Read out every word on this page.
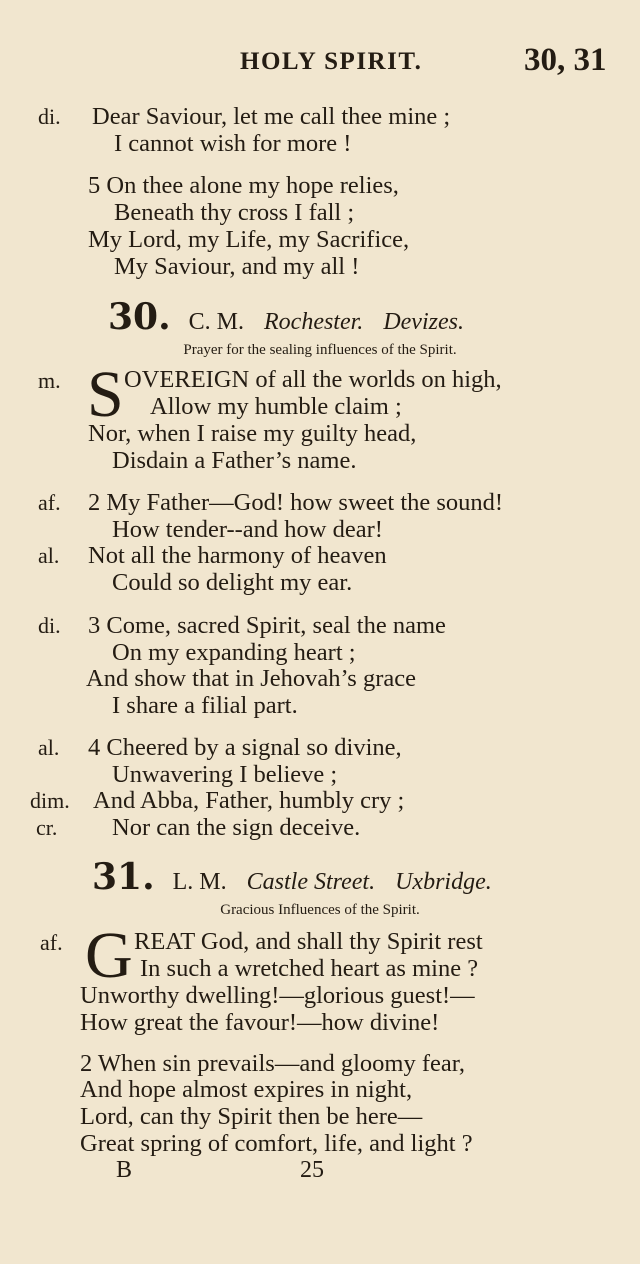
HOLY SPIRIT.	30, 31
di. Dear Saviour, let me call thee mine ;
I cannot wish for more !
5 On thee alone my hope relies,
Beneath thy cross I fall ;
My Lord, my Life, my Sacrifice,
My Saviour, and my all !
30. C. M. Rochester. Devizes.
Prayer for the sealing influences of the Spirit.
m. S OVEREIGN of all the worlds on high,
Allow my humble claim ;
Nor, when I raise my guilty head,
Disdain a Father’s name.
af. 2 My Father—God! how sweet the sound!
How tender--and how dear!
al. Not all the harmony of heaven
Could so delight my ear.
di. 3 Come, sacred Spirit, seal the name
On my expanding heart ;
And show that in Jehovah’s grace
I share a filial part.
al. 4 Cheered by a signal so divine,
Unwavering I believe ;
dim. And Abba, Father, humbly cry ;
cr. Nor can the sign deceive.
31. L. M. Castle Street. Uxbridge.
Gracious Influences of the Spirit.
af. G REAT God, and shall thy Spirit rest
In such a wretched heart as mine ?
Unworthy dwelling!—glorious guest!—
How great the favour!—how divine!
2 When sin prevails—and gloomy fear,
And hope almost expires in night,
Lord, can thy Spirit then be here—
Great spring of comfort, life, and light ?
B	25
